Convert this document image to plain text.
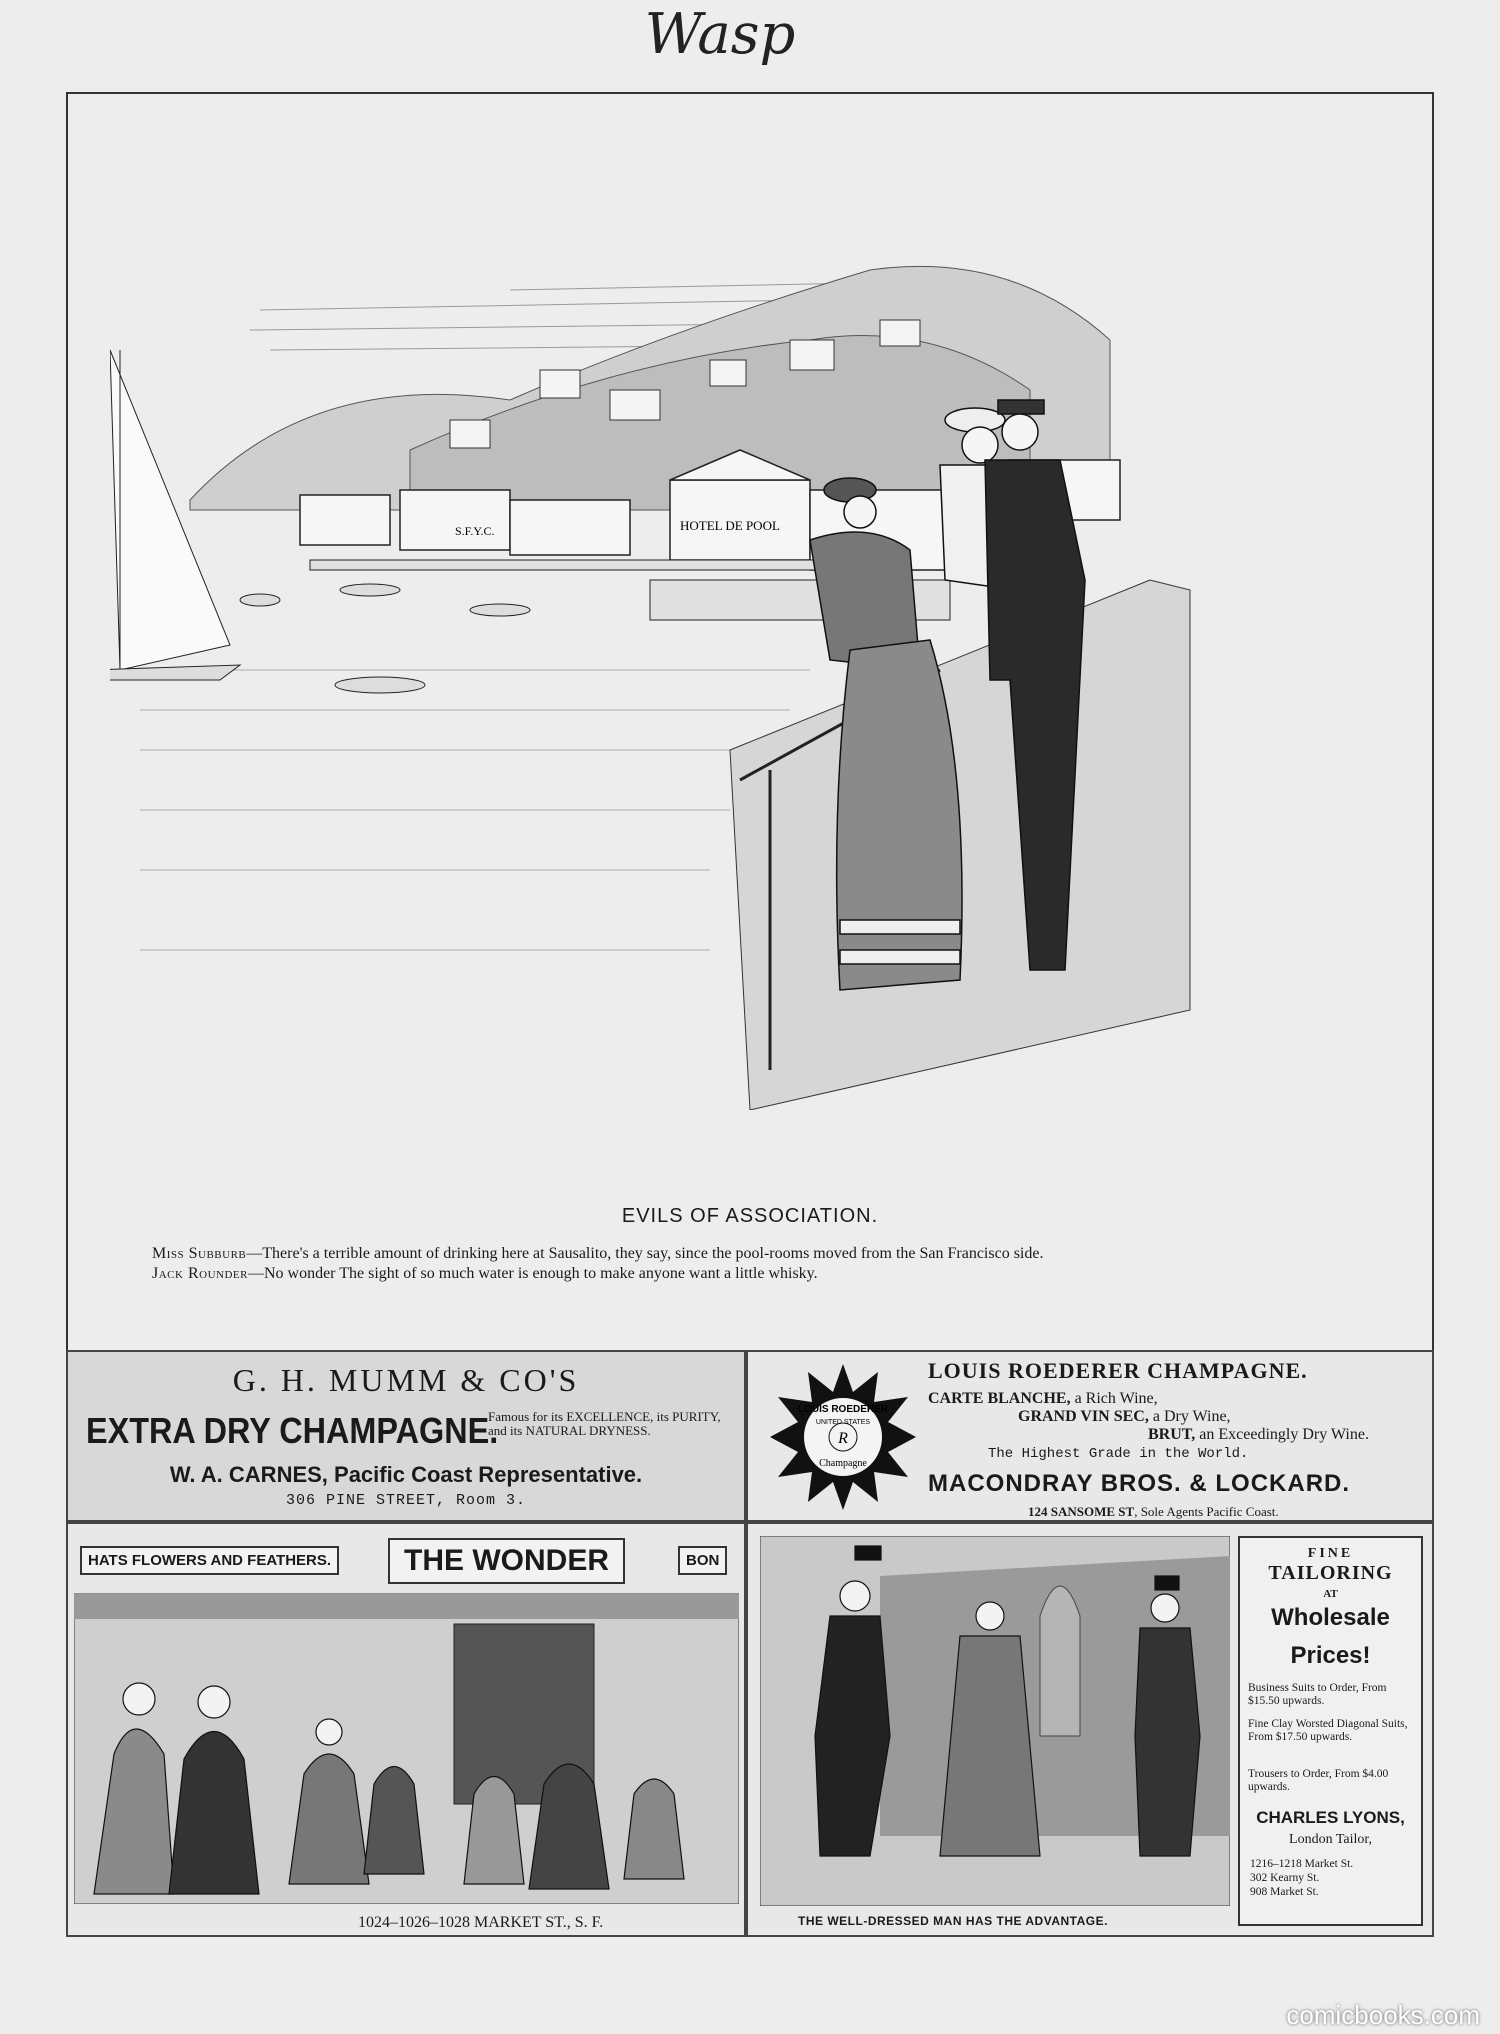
Wasp
S.F.Y.C.	HOTEL DE POOL
EVILS OF ASSOCIATION.
Miss Subburb—There's a terrible amount of drinking here at Sausalito, they say, since the pool-rooms moved from the San Francisco side.
Jack Rounder—No wonder The sight of so much water is enough to make anyone want a little whisky.
G. H. MUMM & CO'S
EXTRA DRY CHAMPAGNE.
Famous for its EXCELLENCE, its PURITY, and its NATURAL DRYNESS.
W. A. CARNES, Pacific Coast Representative.
306 PINE STREET, Room 3.
R
LOUIS ROEDERER
UNITED STATES
Champagne
LOUIS ROEDERER CHAMPAGNE.
CARTE BLANCHE, a Rich Wine,
GRAND VIN SEC, a Dry Wine,
BRUT, an Exceedingly Dry Wine.
The Highest Grade in the World.
MACONDRAY BROS. & LOCKARD.
124 SANSOME ST, Sole Agents Pacific Coast.
HATS FLOWERS AND FEATHERS.	THE WONDER	BON
1024–1026–1028 MARKET ST., S. F.	THE WELL-DRESSED MAN HAS THE ADVANTAGE.
FINE
TAILORING
AT
Wholesale
Prices!
Business Suits to Order, From $15.50 upwards.
Fine Clay Worsted Diagonal Suits, From $17.50 upwards.
Trousers to Order, From $4.00 upwards.
CHARLES LYONS,
London Tailor,
1216–1218 Market St.
302 Kearny St.
908 Market St.
comicbooks.com
